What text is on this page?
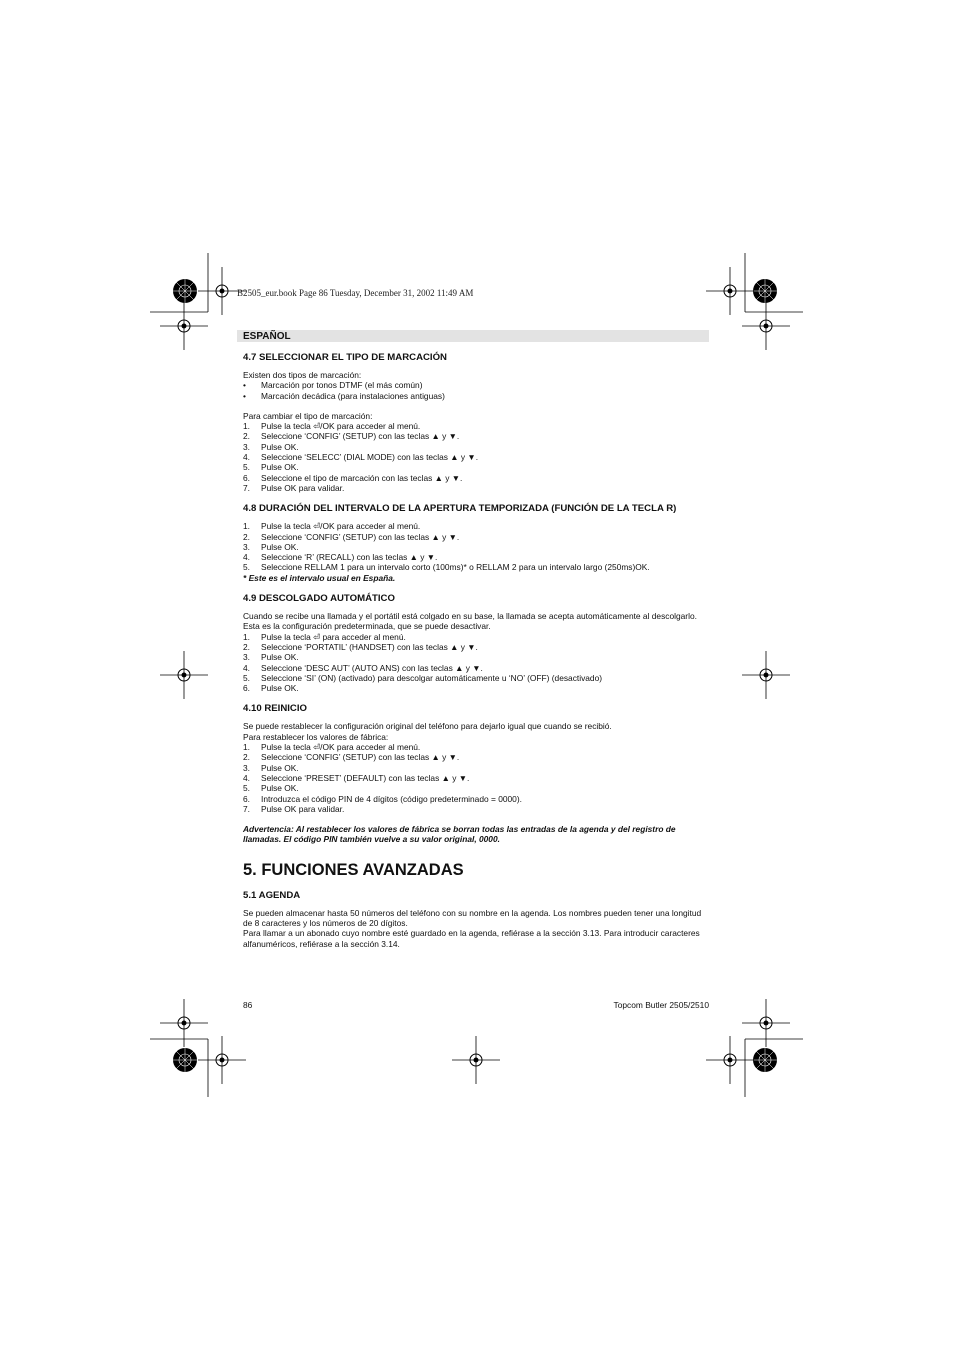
B2505_eur.book Page 86 Tuesday, December 31, 2002 11:49 AM
ESPAÑOL
4.7 SELECCIONAR EL TIPO DE MARCACIÓN

Existen dos tipos de marcación:

• Marcación por tonos DTMF (el más común)
• Marcación decádica (para instalaciones antiguas)

Para cambiar el tipo de marcación:

1. Pulse la tecla ⏎/OK para acceder al menú.
2. Seleccione ‘CONFIG’ (SETUP) con las teclas ▲ y ▼.
3. Pulse OK.
4. Seleccione ‘SELECC’ (DIAL MODE) con las teclas ▲ y ▼.
5. Pulse OK.
6. Seleccione el tipo de marcación con las teclas ▲ y ▼.
7. Pulse OK para validar.
4.8 DURACIÓN DEL INTERVALO DE LA APERTURA TEMPORIZADA (FUNCIÓN DE LA TECLA R)
1. Pulse la tecla ⏎/OK para acceder al menú.
2. Seleccione ‘CONFIG’ (SETUP) con las teclas ▲ y ▼.
3. Pulse OK.
4. Seleccione ‘R’ (RECALL) con las teclas ▲ y ▼.
5. Seleccione RELLAM 1 para un intervalo corto (100ms)* o RELLAM 2 para un intervalo largo (250ms)OK.

* Este es el intervalo usual en España.

4.9 DESCOLGADO AUTOMÁTICO

Cuando se recibe una llamada y el portátil está colgado en su base, la llamada se acepta automáticamente al descolgarlo. Esta es la configuración predeterminada, que se puede desactivar.

1. Pulse la tecla ⏎ para acceder al menú.
2. Seleccione ‘PORTATIL’ (HANDSET) con las teclas ▲ y ▼.
3. Pulse OK.
4. Seleccione ‘DESC AUT’ (AUTO ANS) con las teclas ▲ y ▼.
5. Seleccione ‘SI’ (ON) (activado) para descolgar automáticamente u ‘NO’ (OFF) (desactivado)
6. Pulse OK.
4.10 REINICIO

Se puede restablecer la configuración original del teléfono para dejarlo igual que cuando se recibió.

Para restablecer los valores de fábrica:

1. Pulse la tecla ⏎/OK para acceder al menú.
2. Seleccione ‘CONFIG’ (SETUP) con las teclas ▲ y ▼.
3. Pulse OK.
4. Seleccione ‘PRESET’ (DEFAULT) con las teclas ▲ y ▼.
5. Pulse OK.
6. Introduzca el código PIN de 4 dígitos (código predeterminado = 0000).
7. Pulse OK para validar.

Advertencia: Al restablecer los valores de fábrica se borran todas las entradas de la agenda y del registro de llamadas. El código PIN también vuelve a su valor original, 0000.

5. FUNCIONES AVANZADAS
5.1 AGENDA

Se pueden almacenar hasta 50 números del teléfono con su nombre en la agenda. Los nombres pueden tener una longitud de 8 caracteres y los números de 20 dígitos.

Para llamar a un abonado cuyo nombre esté guardado en la agenda, refiérase a la sección 3.13. Para introducir caracteres alfanuméricos, refiérase a la sección 3.14.

86	Topcom Butler 2505/2510
